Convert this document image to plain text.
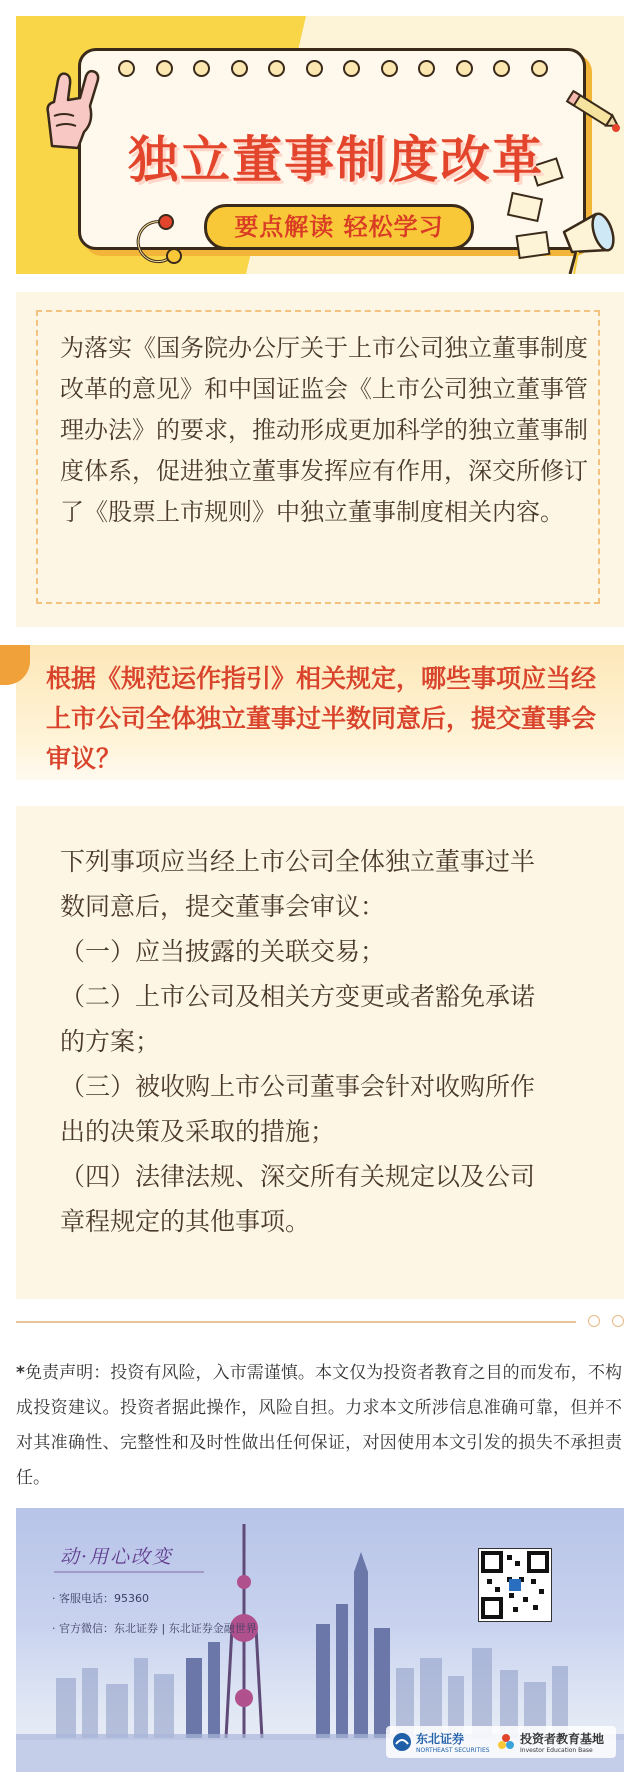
独立董事制度改革
要点解读 轻松学习
为落实《国务院办公厅关于上市公司独立董事制度改革的意见》和中国证监会《上市公司独立董事管理办法》的要求，推动形成更加科学的独立董事制度体系，促进独立董事发挥应有作用，深交所修订了《股票上市规则》中独立董事制度相关内容。
根据《规范运作指引》相关规定，哪些事项应当经上市公司全体独立董事过半数同意后，提交董事会审议？
下列事项应当经上市公司全体独立董事过半
数同意后，提交董事会审议：
（一）应当披露的关联交易；
（二）上市公司及相关方变更或者豁免承诺
的方案；
（三）被收购上市公司董事会针对收购所作
出的决策及采取的措施；
（四）法律法规、深交所有关规定以及公司
章程规定的其他事项。
*免责声明：投资有风险，入市需谨慎。本文仅为投资者教育之目的而发布，不构成投资建议。投资者据此操作，风险自担。力求本文所涉信息准确可靠，但并不对其准确性、完整性和及时性做出任何保证，对因使用本文引发的损失不承担责任。
动·用心改变
· 客服电话：95360
· 官方微信：东北证券 | 东北证券金融世界
东北证券
NORTHEAST SECURITIES
投资者教育基地
Investor Education Base
